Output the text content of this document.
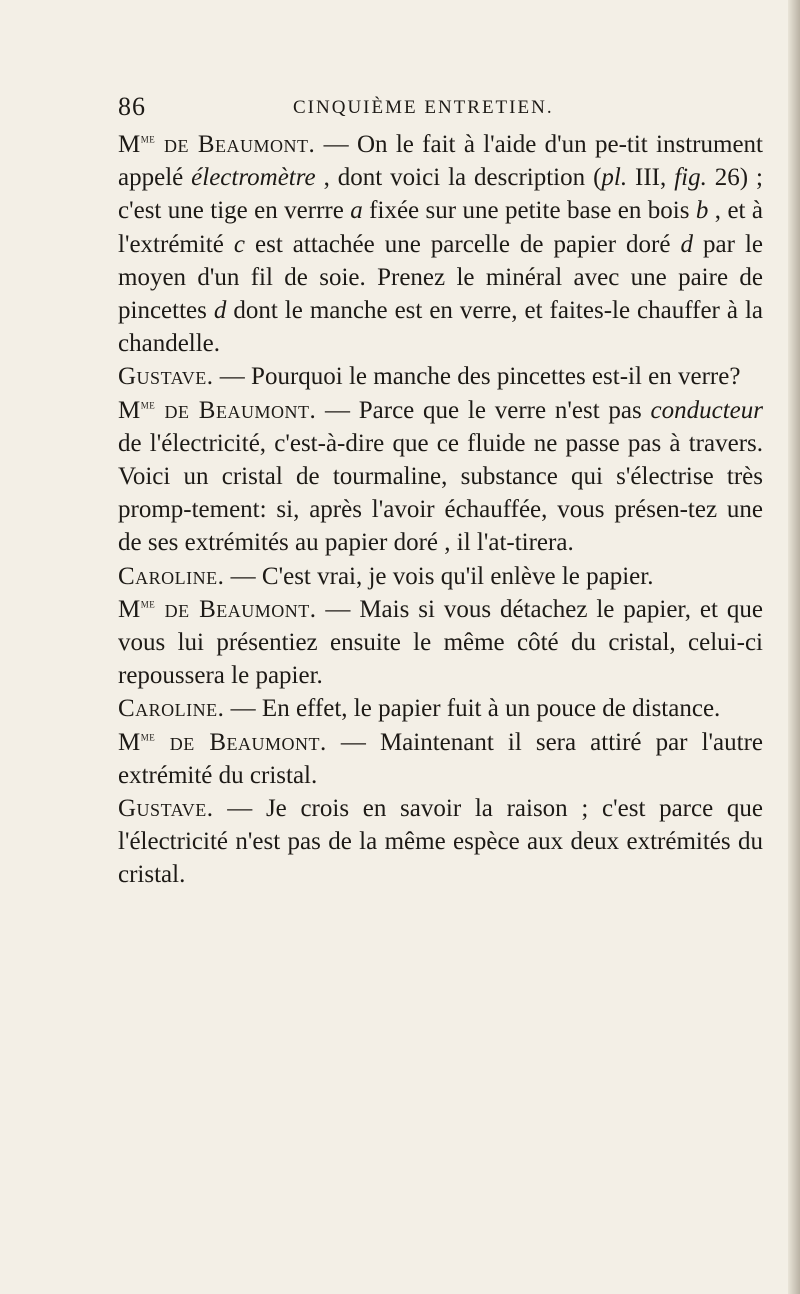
86	CINQUIÈME ENTRETIEN.

$M^{me}$ de Beaumont. — On le fait à l'aide d'un pe-tit instrument appelé électromètre , dont voici la description (pl. III, fig. 26) ; c'est une tige en verrre a fixée sur une petite base en bois b , et à l'extrémité c est attachée une parcelle de papier doré d par le moyen d'un fil de soie. Prenez le minéral avec une paire de pincettes d dont le manche est en verre, et faites-le chauffer à la chandelle.

Gustave. — Pourquoi le manche des pincettes est-il en verre?

$M^{me}$ de Beaumont. — Parce que le verre n'est pas conducteur de l'électricité, c'est-à-dire que ce fluide ne passe pas à travers. Voici un cristal de tourmaline, substance qui s'électrise très promp-tement: si, après l'avoir échauffée, vous présen-tez une de ses extrémités au papier doré , il l'at-tirera.

Caroline. — C'est vrai, je vois qu'il enlève le papier.

$M^{me}$ de Beaumont. — Mais si vous détachez le papier, et que vous lui présentiez ensuite le même côté du cristal, celui-ci repoussera le papier.

Caroline. — En effet, le papier fuit à un pouce de distance.

$M^{me}$ de Beaumont. — Maintenant il sera attiré par l'autre extrémité du cristal.

Gustave. — Je crois en savoir la raison ; c'est parce que l'électricité n'est pas de la même espèce aux deux extrémités du cristal.
